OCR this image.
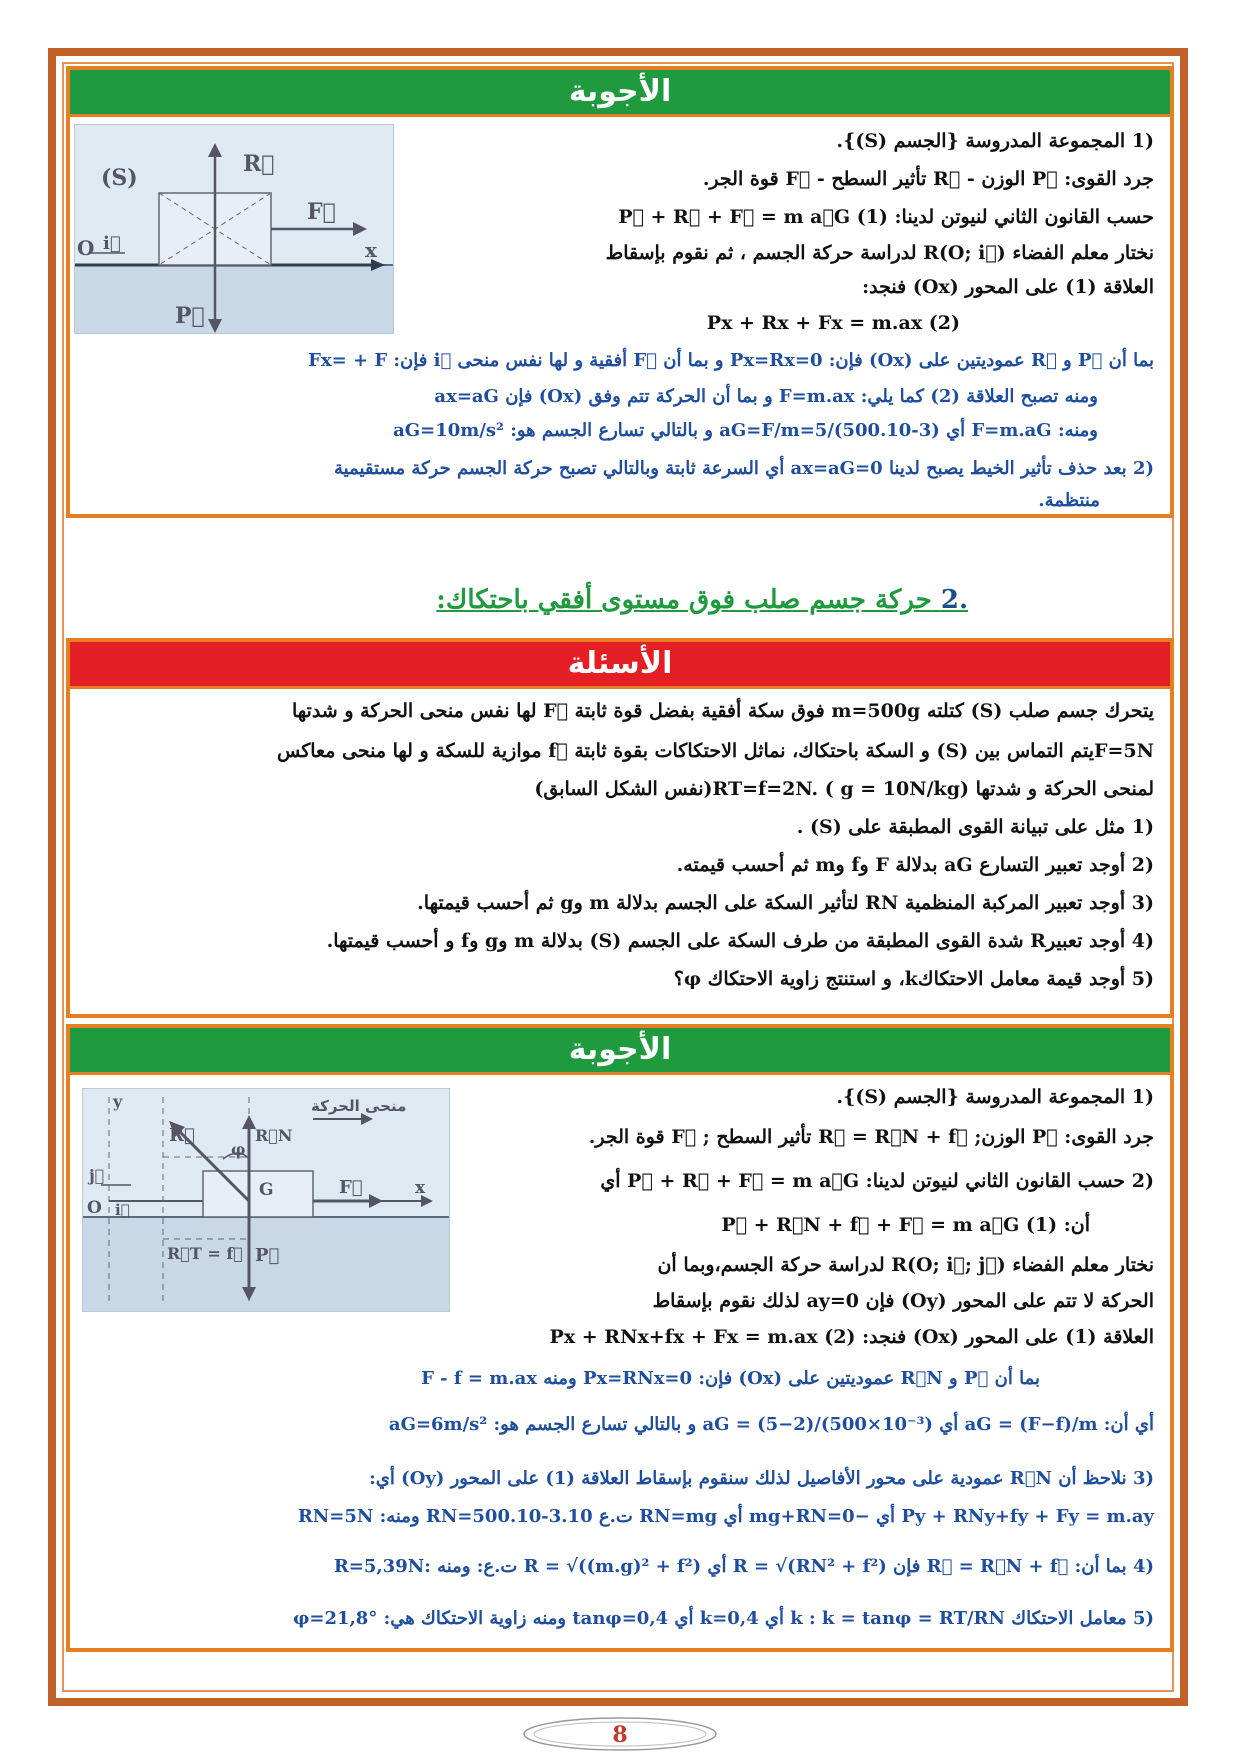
الأجوبة
(S)
R⃗
F⃗
P⃗
O i⃗	x
(1 المجموعة المدروسة {الجسم (S)}.
جرد القوى: P⃗ الوزن - R⃗ تأثير السطح - F⃗ قوة الجر.
حسب القانون الثاني لنيوتن لدينا: P⃗ + R⃗ + F⃗ = m a⃗G (1)
نختار معلم الفضاء R(O; i⃗) لدراسة حركة الجسم ، ثم نقوم بإسقاط
العلاقة (1) على المحور (Ox) فنجد:
(2) Px + Rx + Fx = m.ax
بما أن P⃗ و R⃗ عموديتين على (Ox) فإن: Px=Rx=0 و بما أن F⃗ أفقية و لها نفس منحى i⃗ فإن: Fx= + F
ومنه تصبح العلاقة (2) كما يلي: F=m.ax و بما أن الحركة تتم وفق (Ox) فإن ax=aG
ومنه: F=m.aG أي aG=F/m=5/(500.10-3) و بالتالي تسارع الجسم هو: aG=10m/s²
(2 بعد حذف تأثير الخيط يصبح لدينا ax=aG=0 أي السرعة ثابتة وبالتالي تصبح حركة الجسم حركة مستقيمية
منتظمة.
.2 حركة جسم صلب فوق مستوى أفقي باحتكاك:
الأسئلة
يتحرك جسم صلب (S) كتلته m=500g فوق سكة أفقية بفضل قوة ثابتة F⃗ لها نفس منحى الحركة و شدتها
F=5Nيتم التماس بين (S) و السكة باحتكاك، نماثل الاحتكاكات بقوة ثابتة f⃗ موازية للسكة و لها منحى معاكس
لمنحى الحركة و شدتها RT=f=2N. ( g = 10N/kg)(نفس الشكل السابق)
(1 مثل على تبيانة القوى المطبقة على (S) .
(2 أوجد تعبير التسارع aG بدلالة F وf وm ثم أحسب قيمته.
(3 أوجد تعبير المركبة المنظمية RN لتأثير السكة على الجسم بدلالة m وg ثم أحسب قيمتها.
(4 أوجد تعبيرR شدة القوى المطبقة من طرف السكة على الجسم (S) بدلالة m وg وf و أحسب قيمتها.
(5 أوجد قيمة معامل الاحتكاكk، و استنتج زاوية الاحتكاك φ؟
الأجوبة
y	منحى الحركة
R⃗	R⃗N
φ
G	F⃗	x
j⃗
O i⃗
R⃗T = f⃗ P⃗
(1 المجموعة المدروسة {الجسم (S)}.
جرد القوى: P⃗ الوزن; R⃗ = R⃗N + f⃗ تأثير السطح ; F⃗ قوة الجر.
(2 حسب القانون الثاني لنيوتن لدينا: P⃗ + R⃗ + F⃗ = m a⃗G أي
أن: P⃗ + R⃗N + f⃗ + F⃗ = m a⃗G (1)
نختار معلم الفضاء R(O; i⃗; j⃗) لدراسة حركة الجسم،وبما أن
الحركة لا تتم على المحور (Oy) فإن ay=0 لذلك نقوم بإسقاط
العلاقة (1) على المحور (Ox) فنجد: Px + RNx+fx + Fx = m.ax (2)
بما أن P⃗ و R⃗N عموديتين على (Ox) فإن: Px=RNx=0 ومنه F - f = m.ax
أي أن: aG = (F−f)/m أي aG = (5−2)/(500×10⁻³) و بالتالي تسارع الجسم هو: aG=6m/s²
(3 نلاحظ أن R⃗N عمودية على محور الأفاصيل لذلك سنقوم بإسقاط العلاقة (1) على المحور (Oy) أي:
Py + RNy+fy + Fy = m.ay أي −mg+RN=0 أي RN=mg ت.ع RN=500.10-3.10 ومنه: RN=5N
(4 بما أن: R⃗ = R⃗N + f⃗ فإن R = √(RN² + f²) أي R = √((m.g)² + f²) ت.ع: ومنه :R=5,39N
(5 معامل الاحتكاك k : k = tanφ = RT/RN أي k=0,4 أي tanφ=0,4 ومنه زاوية الاحتكاك هي: φ=21,8°
8
